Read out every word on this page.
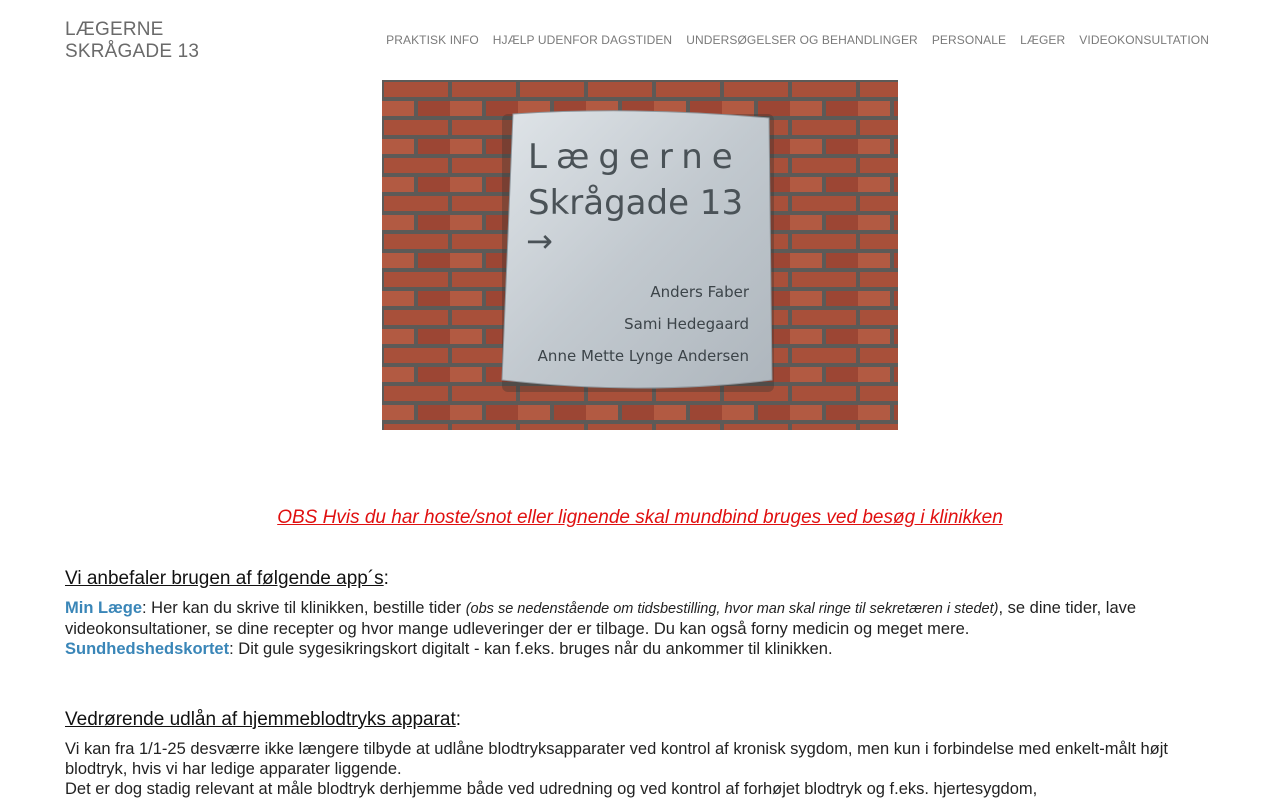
LÆGERNE
SKRÅGADE 13
PRAKTISK INFO HJÆLP UDENFOR DAGSTIDEN UNDERSØGELSER OG BEHANDLINGER PERSONALE LÆGER VIDEOKONSULTATION
Lægerne
Skrågade 13
→
Anders Faber
Sami Hedegaard
Anne Mette Lynge Andersen
OBS Hvis du har hoste/snot eller lignende skal mundbind bruges ved besøg i klinikken
Vi anbefaler brugen af følgende app´s:
Min Læge: Her kan du skrive til klinikken, bestille tider (obs se nedenstående om tidsbestilling, hvor man skal ringe til sekretæren i stedet), se dine tider, lave videokonsultationer, se dine recepter og hvor mange udleveringer der er tilbage. Du kan også forny medicin og meget mere.
Sundhedshedskortet: Dit gule sygesikringskort digitalt - kan f.eks. bruges når du ankommer til klinikken.
Vedrørende udlån af hjemmeblodtryks apparat:
Vi kan fra 1/1-25 desværre ikke længere tilbyde at udlåne blodtryksapparater ved kontrol af kronisk sygdom, men kun i forbindelse med enkelt-målt højt blodtryk, hvis vi har ledige apparater liggende.
Det er dog stadig relevant at måle blodtryk derhjemme både ved udredning og ved kontrol af forhøjet blodtryk og f.eks. hjertesygdom,
